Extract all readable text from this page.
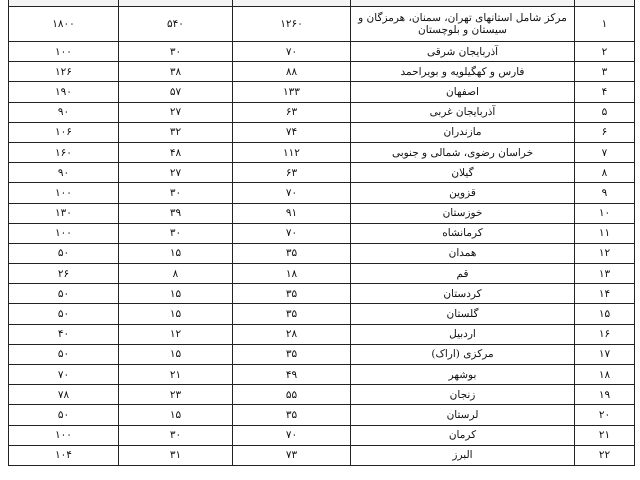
۱	مرکز شامل استانهای تهران، سمنان، هرمزگان و سیستان و بلوچستان	۱۲۶۰	۵۴۰	۱۸۰۰
۲	آذربایجان شرقی	۷۰	۳۰	۱۰۰
۳	فارس و کهگیلویه و بویراحمد	۸۸	۳۸	۱۲۶
۴	اصفهان	۱۳۳	۵۷	۱۹۰
۵	آذربایجان غربی	۶۳	۲۷	۹۰
۶	مازندران	۷۴	۳۲	۱۰۶
۷	خراسان رضوی، شمالی و جنوبی	۱۱۲	۴۸	۱۶۰
۸	گیلان	۶۳	۲۷	۹۰
۹	قزوین	۷۰	۳۰	۱۰۰
۱۰	خوزستان	۹۱	۳۹	۱۳۰
۱۱	کرمانشاه	۷۰	۳۰	۱۰۰
۱۲	همدان	۳۵	۱۵	۵۰
۱۳	قم	۱۸	۸	۲۶
۱۴	کردستان	۳۵	۱۵	۵۰
۱۵	گلستان	۳۵	۱۵	۵۰
۱۶	اردبیل	۲۸	۱۲	۴۰
۱۷	مرکزی (اراک)	۳۵	۱۵	۵۰
۱۸	بوشهر	۴۹	۲۱	۷۰
۱۹	زنجان	۵۵	۲۳	۷۸
۲۰	لرستان	۳۵	۱۵	۵۰
۲۱	کرمان	۷۰	۳۰	۱۰۰
۲۲	البرز	۷۳	۳۱	۱۰۴
